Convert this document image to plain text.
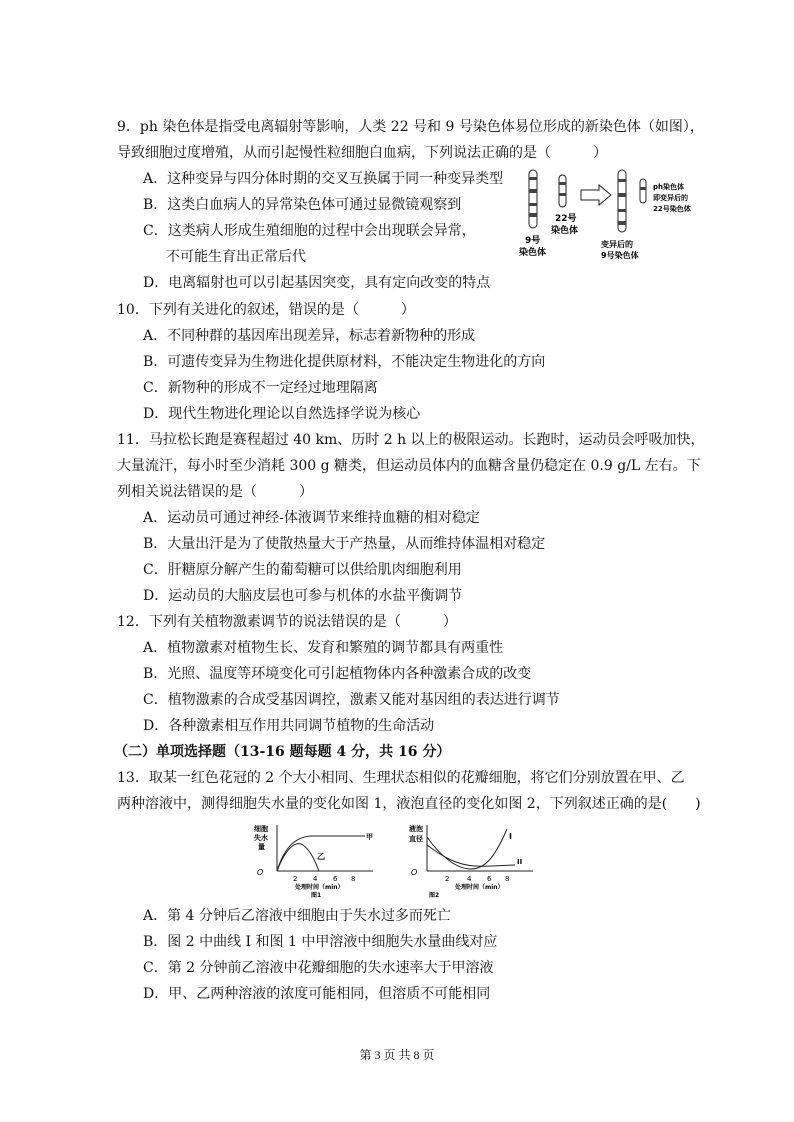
9．ph 染色体是指受电离辐射等影响，人类 22 号和 9 号染色体易位形成的新染色体（如图），
导致细胞过度增殖，从而引起慢性粒细胞白血病，下列说法正确的是（　　　）
A．这种变异与四分体时期的交叉互换属于同一种变异类型
B．这类白血病人的异常染色体可通过显微镜观察到
C．这类病人形成生殖细胞的过程中会出现联会异常，
不可能生育出正常后代
D．电离辐射也可以引起基因突变，具有定向改变的特点
9号
染色体
22号
染色体
变异后的
9号染色体
ph染色体
即变异后的
22号染色体
10．下列有关进化的叙述，错误的是（　　　）
A．不同种群的基因库出现差异，标志着新物种的形成
B．可遗传变异为生物进化提供原材料，不能决定生物进化的方向
C．新物种的形成不一定经过地理隔离
D．现代生物进化理论以自然选择学说为核心
11．马拉松长跑是赛程超过 40 km、历时 2 h 以上的极限运动。长跑时，运动员会呼吸加快，
大量流汗，每小时至少消耗 300 g 糖类，但运动员体内的血糖含量仍稳定在 0.9 g/L 左右。下
列相关说法错误的是（　　　）
A．运动员可通过神经-体液调节来维持血糖的相对稳定
B．大量出汗是为了使散热量大于产热量，从而维持体温相对稳定
C．肝糖原分解产生的葡萄糖可以供给肌肉细胞利用
D．运动员的大脑皮层也可参与机体的水盐平衡调节
12．下列有关植物激素调节的说法错误的是（　　　）
A．植物激素对植物生长、发育和繁殖的调节都具有两重性
B．光照、温度等环境变化可引起植物体内各种激素合成的改变
C．植物激素的合成受基因调控，激素又能对基因组的表达进行调节
D．各种激素相互作用共同调节植物的生命活动
（二）单项选择题（13-16 题每题 4 分，共 16 分）
13．取某一红色花冠的 2 个大小相同、生理状态相似的花瓣细胞，将它们分别放置在甲、乙
两种溶液中，测得细胞失水量的变化如图 1，液泡直径的变化如图 2，下列叙述正确的是(　　)
细胞
失水
量
O
甲
乙
2 4 6 8
处理时间（min）
图1
液泡
直径
O
I
II
2	4 6 8
处理时间（min）
图2
A．第 4 分钟后乙溶液中细胞由于失水过多而死亡
B．图 2 中曲线 I 和图 1 中甲溶液中细胞失水量曲线对应
C．第 2 分钟前乙溶液中花瓣细胞的失水速率大于甲溶液
D．甲、乙两种溶液的浓度可能相同，但溶质不可能相同
第 3 页 共 8 页
